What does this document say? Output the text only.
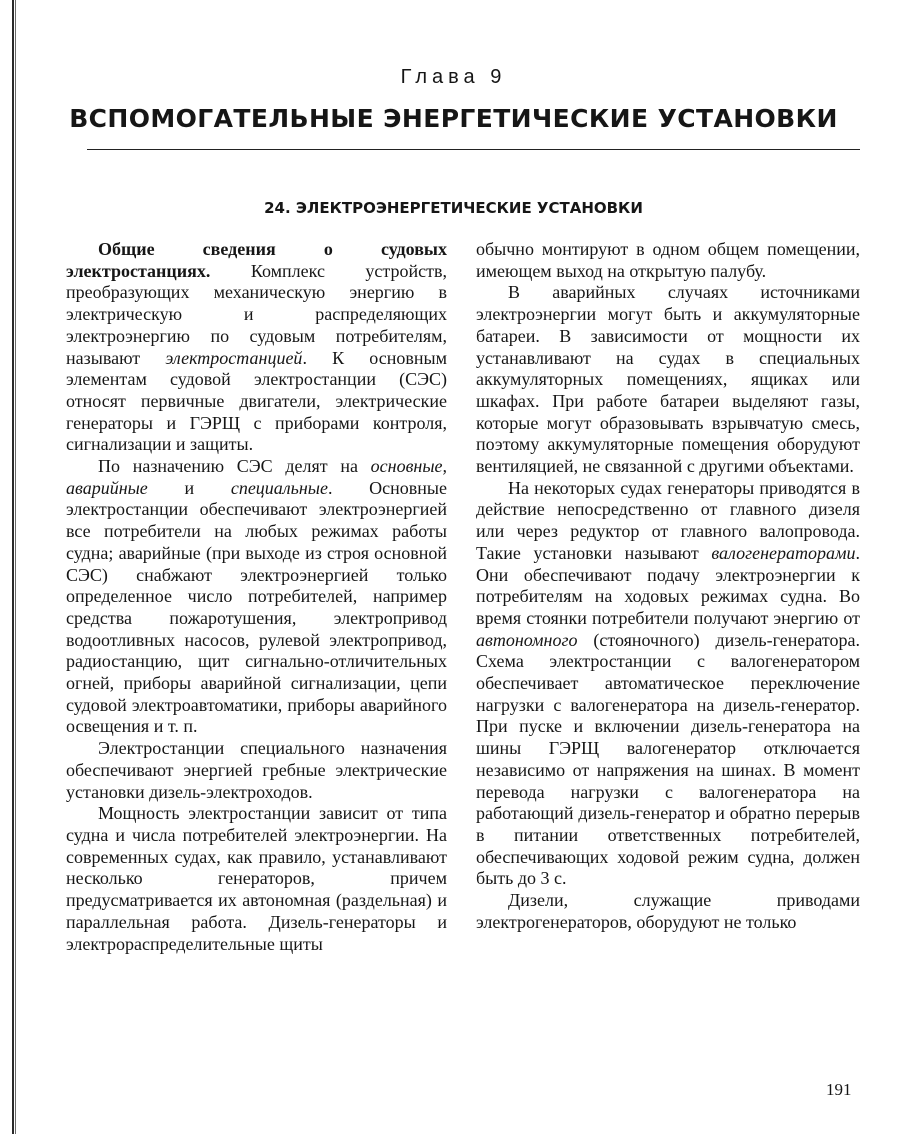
Глава 9
ВСПОМОГАТЕЛЬНЫЕ ЭНЕРГЕТИЧЕСКИЕ УСТАНОВКИ
24. ЭЛЕКТРОЭНЕРГЕТИЧЕСКИЕ УСТАНОВКИ

Общие сведения о судовых электростанциях. Комплекс устройств, преобразующих механическую энергию в электрическую и распределяющих электроэнергию по судовым потребителям, называют электростанцией. К основным элементам судовой электростанции (СЭС) относят первичные двигатели, электрические генераторы и ГЭРЩ с приборами контроля, сигнализации и защиты.

По назначению СЭС делят на основные, аварийные и специальные. Основные электростанции обеспечивают электроэнергией все потребители на любых режимах работы судна; аварийные (при выходе из строя основной СЭС) снабжают электроэнергией только определенное число потребителей, например средства пожаротушения, электропривод водоотливных насосов, рулевой электропривод, радиостанцию, щит сигнально-отличительных огней, приборы аварийной сигнализации, цепи судовой электроавтоматики, приборы аварийного освещения и т. п.

Электростанции специального назначения обеспечивают энергией гребные электрические установки дизель-электроходов.

Мощность электростанции зависит от типа судна и числа потребителей электроэнергии. На современных судах, как правило, устанавливают несколько генераторов, причем предусматривается их автономная (раздельная) и параллельная работа. Дизель-генераторы и электрораспределительные щиты

обычно монтируют в одном общем помещении, имеющем выход на открытую палубу.

В аварийных случаях источниками электроэнергии могут быть и аккумуляторные батареи. В зависимости от мощности их устанавливают на судах в специальных аккумуляторных помещениях, ящиках или шкафах. При работе батареи выделяют газы, которые могут образовывать взрывчатую смесь, поэтому аккумуляторные помещения оборудуют вентиляцией, не связанной с другими объектами.

На некоторых судах генераторы приводятся в действие непосредственно от главного дизеля или через редуктор от главного валопровода. Такие установки называют валогенераторами. Они обеспечивают подачу электроэнергии к потребителям на ходовых режимах судна. Во время стоянки потребители получают энергию от автономного (стояночного) дизель-генератора. Схема электростанции с валогенератором обеспечивает автоматическое переключение нагрузки с валогенератора на дизель-генератор. При пуске и включении дизель-генератора на шины ГЭРЩ валогенератор отключается независимо от напряжения на шинах. В момент перевода нагрузки с валогенератора на работающий дизель-генератор и обратно перерыв в питании ответственных потребителей, обеспечивающих ходовой режим судна, должен быть до 3 с.

Дизели, служащие приводами электрогенераторов, оборудуют не только

191
